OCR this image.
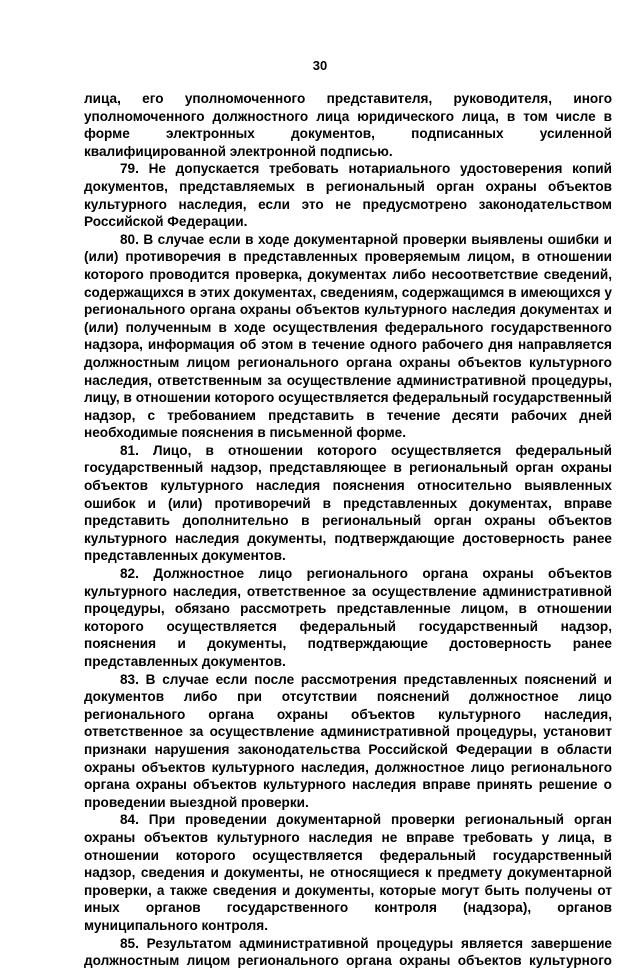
30

лица, его уполномоченного представителя, руководителя, иного уполномоченного должностного лица юридического лица, в том числе в форме электронных документов, подписанных усиленной квалифицированной электронной подписью.

79. Не допускается требовать нотариального удостоверения копий документов, представляемых в региональный орган охраны объектов культурного наследия, если это не предусмотрено законодательством Российской Федерации.

80. В случае если в ходе документарной проверки выявлены ошибки и (или) противоречия в представленных проверяемым лицом, в отношении которого проводится проверка, документах либо несоответствие сведений, содержащихся в этих документах, сведениям, содержащимся в имеющихся у регионального органа охраны объектов культурного наследия документах и (или) полученным в ходе осуществления федерального государственного надзора, информация об этом в течение одного рабочего дня направляется должностным лицом регионального органа охраны объектов культурного наследия, ответственным за осуществление административной процедуры, лицу, в отношении которого осуществляется федеральный государственный надзор, с требованием представить в течение десяти рабочих дней необходимые пояснения в письменной форме.

81. Лицо, в отношении которого осуществляется федеральный государственный надзор, представляющее в региональный орган охраны объектов культурного наследия пояснения относительно выявленных ошибок и (или) противоречий в представленных документах, вправе представить дополнительно в региональный орган охраны объектов культурного наследия документы, подтверждающие достоверность ранее представленных документов.

82. Должностное лицо регионального органа охраны объектов культурного наследия, ответственное за осуществление административной процедуры, обязано рассмотреть представленные лицом, в отношении которого осуществляется федеральный государственный надзор, пояснения и документы, подтверждающие достоверность ранее представленных документов.

83. В случае если после рассмотрения представленных пояснений и документов либо при отсутствии пояснений должностное лицо регионального органа охраны объектов культурного наследия, ответственное за осуществление административной процедуры, установит признаки нарушения законодательства Российской Федерации в области охраны объектов культурного наследия, должностное лицо регионального органа охраны объектов культурного наследия вправе принять решение о проведении выездной проверки.

84. При проведении документарной проверки региональный орган охраны объектов культурного наследия не вправе требовать у лица, в отношении которого осуществляется федеральный государственный надзор, сведения и документы, не относящиеся к предмету документарной проверки, а также сведения и документы, которые могут быть получены от иных органов государственного контроля (надзора), органов муниципального контроля.

85. Результатом административной процедуры является завершение должностным лицом регионального органа охраны объектов культурного
